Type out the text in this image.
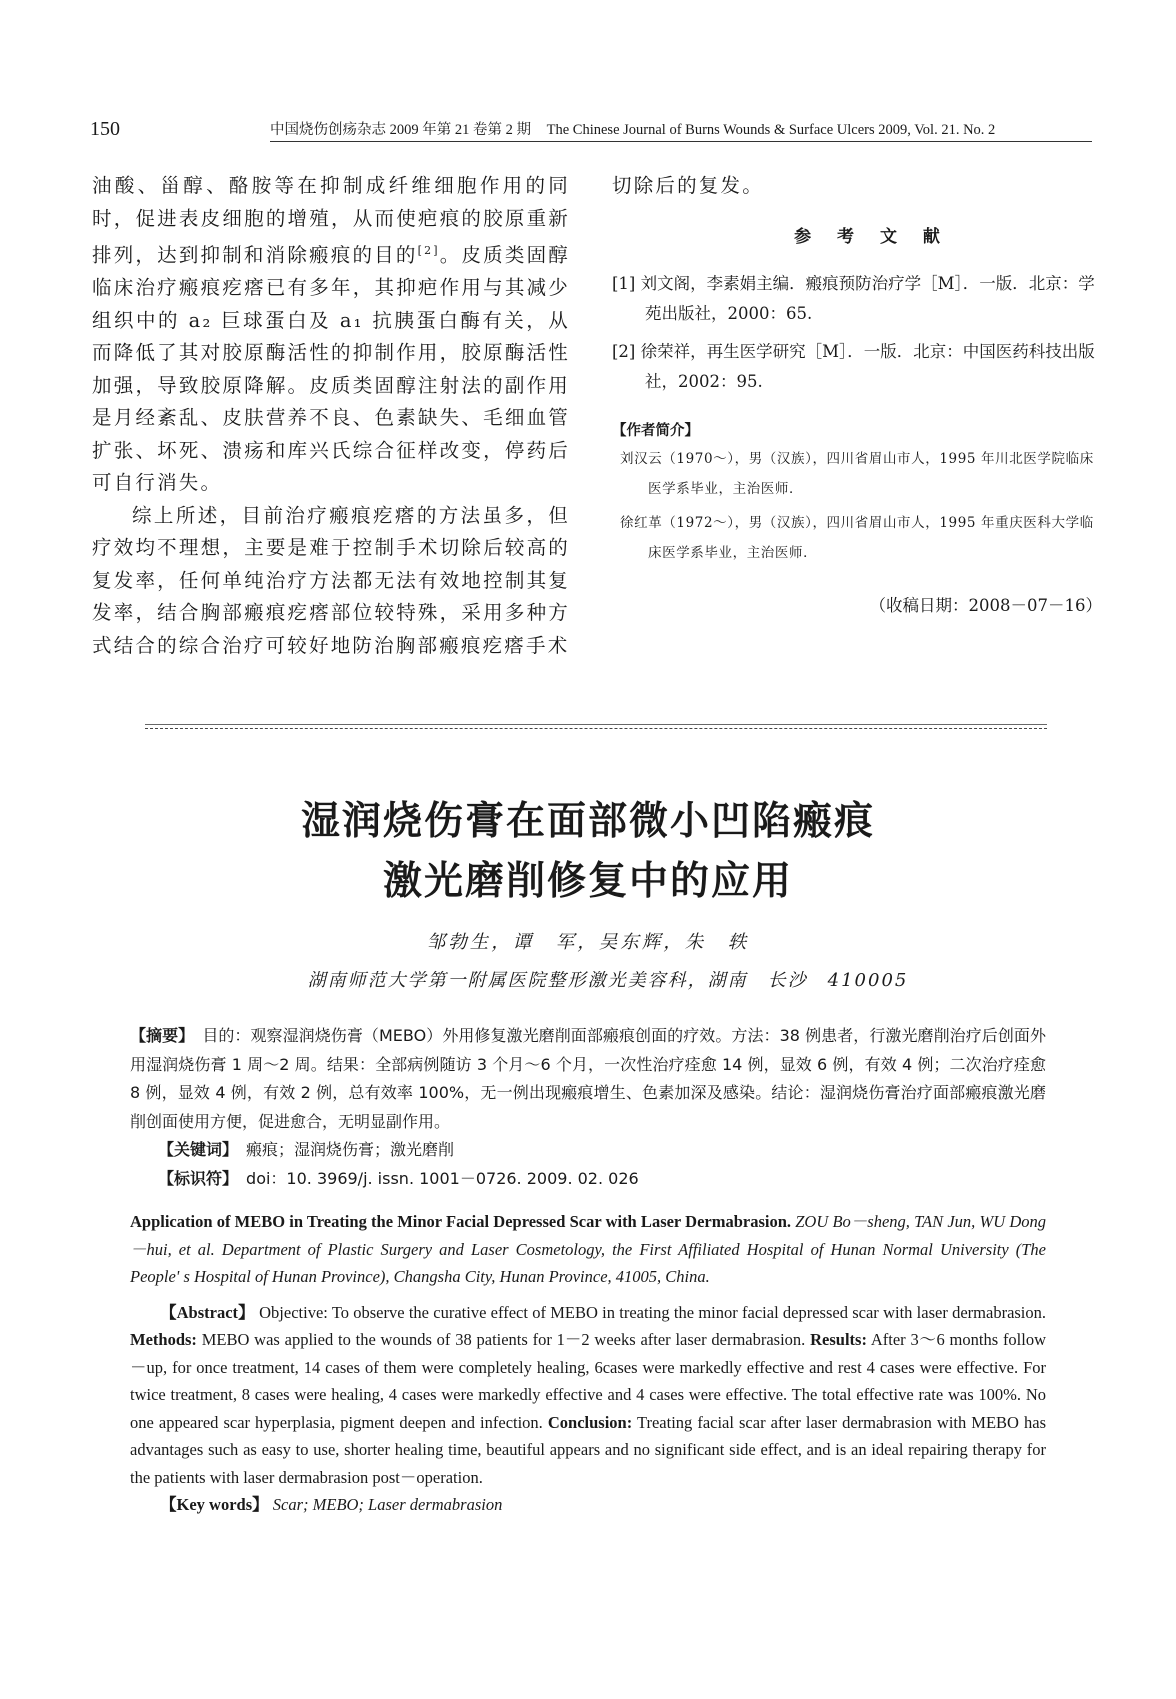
150	中国烧伤创疡杂志 2009 年第 21 卷第 2 期 The Chinese Journal of Burns Wounds & Surface Ulcers 2009, Vol. 21. No. 2

油酸、甾醇、酪胺等在抑制成纤维细胞作用的同时，促进表皮细胞的增殖，从而使疤痕的胶原重新排列，达到抑制和消除瘢痕的目的[2]。皮质类固醇临床治疗瘢痕疙瘩已有多年，其抑疤作用与其减少组织中的 a₂ 巨球蛋白及 a₁ 抗胰蛋白酶有关，从而降低了其对胶原酶活性的抑制作用，胶原酶活性加强，导致胶原降解。皮质类固醇注射法的副作用是月经紊乱、皮肤营养不良、色素缺失、毛细血管扩张、坏死、溃疡和库兴氏综合征样改变，停药后可自行消失。

综上所述，目前治疗瘢痕疙瘩的方法虽多，但疗效均不理想，主要是难于控制手术切除后较高的复发率，任何单纯治疗方法都无法有效地控制其复发率，结合胸部瘢痕疙瘩部位较特殊，采用多种方式结合的综合治疗可较好地防治胸部瘢痕疙瘩手术

切除后的复发。
参 考 文 献

[1] 刘文阁，李素娟主编．瘢痕预防治疗学［M］．一版．北京：学苑出版社，2000：65.

[2] 徐荣祥，再生医学研究［M］．一版．北京：中国医药科技出版社，2002：95.

【作者简介】

刘汉云（1970～），男（汉族），四川省眉山市人，1995 年川北医学院临床医学系毕业，主治医师．

徐红革（1972～），男（汉族），四川省眉山市人，1995 年重庆医科大学临床医学系毕业，主治医师．

（收稿日期：2008－07－16）
湿润烧伤膏在面部微小凹陷瘢痕
激光磨削修复中的应用
邹勃生，谭　军，吴东辉，朱　轶
湖南师范大学第一附属医院整形激光美容科，湖南　长沙　410005

【摘要】　 目的：观察湿润烧伤膏（MEBO）外用修复激光磨削面部瘢痕创面的疗效。方法：38 例患者，行激光磨削治疗后创面外用湿润烧伤膏 1 周～2 周。结果：全部病例随访 3 个月～6 个月，一次性治疗痊愈 14 例，显效 6 例，有效 4 例；二次治疗痊愈 8 例，显效 4 例，有效 2 例，总有效率 100%，无一例出现瘢痕增生、色素加深及感染。结论：湿润烧伤膏治疗面部瘢痕激光磨削创面使用方便，促进愈合，无明显副作用。

【关键词】　 瘢痕；湿润烧伤膏；激光磨削

【标识符】　 doi：10. 3969/j. issn. 1001－0726. 2009. 02. 026

Application of MEBO in Treating the Minor Facial Depressed Scar with Laser Dermabrasion. ZOU Bo－sheng, TAN Jun, WU Dong－hui, et al. Department of Plastic Surgery and Laser Cosmetology, the First Affiliated Hospital of Hunan Normal University (The People' s Hospital of Hunan Province), Changsha City, Hunan Province, 41005, China.

【Abstract】 Objective: To observe the curative effect of MEBO in treating the minor facial depressed scar with laser dermabrasion. Methods: MEBO was applied to the wounds of 38 patients for 1－2 weeks after laser dermabrasion. Results: After 3～6 months follow－up, for once treatment, 14 cases of them were completely healing, 6cases were markedly effective and rest 4 cases were effective. For twice treatment, 8 cases were healing, 4 cases were markedly effective and 4 cases were effective. The total effective rate was 100%. No one appeared scar hyperplasia, pigment deepen and infection. Conclusion: Treating facial scar after laser dermabrasion with MEBO has advantages such as easy to use, shorter healing time, beautiful appears and no significant side effect, and is an ideal repairing therapy for the patients with laser dermabrasion post－operation.

【Key words】 Scar; MEBO; Laser dermabrasion
